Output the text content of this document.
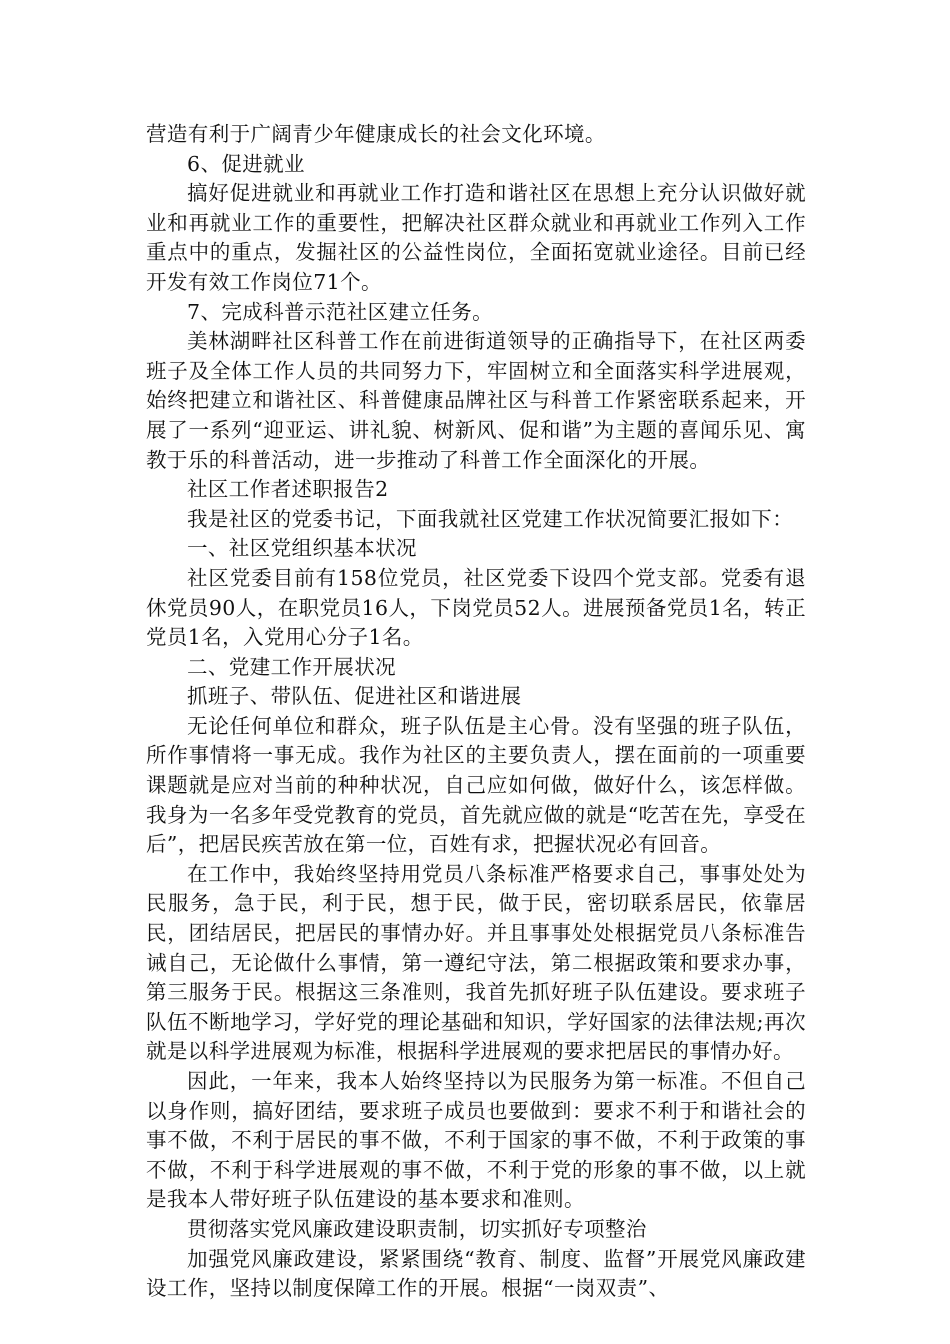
营造有利于广阔青少年健康成长的社会文化环境。

6、促进就业

搞好促进就业和再就业工作打造和谐社区在思想上充分认识做好就业和再就业工作的重要性，把解决社区群众就业和再就业工作列入工作重点中的重点，发掘社区的公益性岗位，全面拓宽就业途径。目前已经开发有效工作岗位71个。

7、完成科普示范社区建立任务。

美林湖畔社区科普工作在前进街道领导的正确指导下，在社区两委班子及全体工作人员的共同努力下，牢固树立和全面落实科学进展观，始终把建立和谐社区、科普健康品牌社区与科普工作紧密联系起来，开展了一系列“迎亚运、讲礼貌、树新风、促和谐”为主题的喜闻乐见、寓教于乐的科普活动，进一步推动了科普工作全面深化的开展。

社区工作者述职报告2

我是社区的党委书记，下面我就社区党建工作状况简要汇报如下：

一、社区党组织基本状况

社区党委目前有158位党员，社区党委下设四个党支部。党委有退休党员90人，在职党员16人，下岗党员52人。进展预备党员1名，转正党员1名，入党用心分子1名。

二、党建工作开展状况

抓班子、带队伍、促进社区和谐进展

无论任何单位和群众，班子队伍是主心骨。没有坚强的班子队伍，所作事情将一事无成。我作为社区的主要负责人，摆在面前的一项重要课题就是应对当前的种种状况，自己应如何做，做好什么，该怎样做。我身为一名多年受党教育的党员，首先就应做的就是“吃苦在先，享受在后”，把居民疾苦放在第一位，百姓有求，把握状况必有回音。

在工作中，我始终坚持用党员八条标准严格要求自己，事事处处为民服务，急于民，利于民，想于民，做于民，密切联系居民，依靠居民，团结居民，把居民的事情办好。并且事事处处根据党员八条标准告诫自己，无论做什么事情，第一遵纪守法，第二根据政策和要求办事，第三服务于民。根据这三条准则，我首先抓好班子队伍建设。要求班子队伍不断地学习，学好党的理论基础和知识，学好国家的法律法规;再次就是以科学进展观为标准，根据科学进展观的要求把居民的事情办好。

因此，一年来，我本人始终坚持以为民服务为第一标准。不但自己以身作则，搞好团结，要求班子成员也要做到：要求不利于和谐社会的事不做，不利于居民的事不做，不利于国家的事不做，不利于政策的事不做，不利于科学进展观的事不做，不利于党的形象的事不做，以上就是我本人带好班子队伍建设的基本要求和准则。

贯彻落实党风廉政建设职责制，切实抓好专项整治

加强党风廉政建设，紧紧围绕“教育、制度、监督”开展党风廉政建设工作，坚持以制度保障工作的开展。根据“一岗双责”、
